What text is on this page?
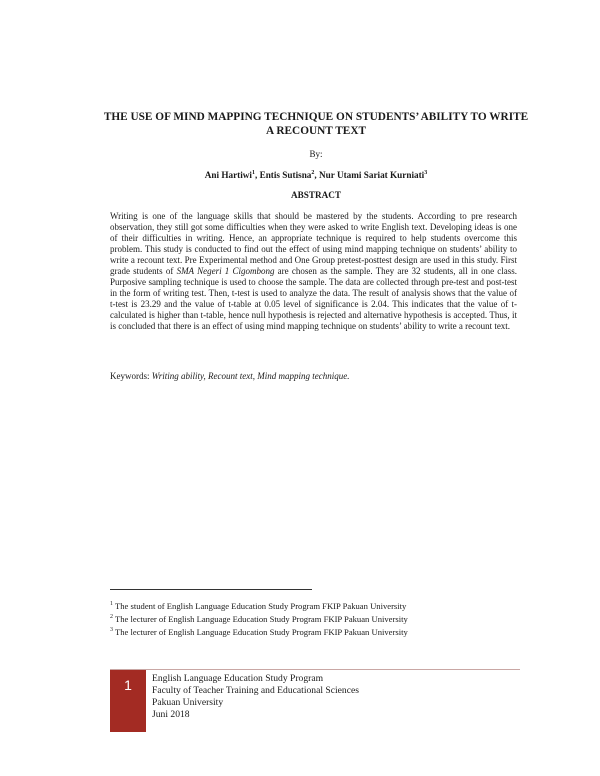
THE USE OF MIND MAPPING TECHNIQUE ON STUDENTS’ ABILITY TO WRITE A RECOUNT TEXT
By:
Ani Hartiwi$^1$, Entis Sutisna$^2$, Nur Utami Sariat Kurniati$^3$
ABSTRACT

Writing is one of the language skills that should be mastered by the students. According to pre research observation, they still got some difficulties when they were asked to write English text. Developing ideas is one of their difficulties in writing. Hence, an appropriate technique is required to help students overcome this problem. This study is conducted to find out the effect of using mind mapping technique on students’ ability to write a recount text. Pre Experimental method and One Group pretest-posttest design are used in this study. First grade students of SMA Negeri 1 Cigombong are chosen as the sample. They are 32 students, all in one class. Purposive sampling technique is used to choose the sample. The data are collected through pre-test and post-test in the form of writing test. Then, t-test is used to analyze the data. The result of analysis shows that the value of t-test is 23.29 and the value of t-table at 0.05 level of significance is 2.04. This indicates that the value of t-calculated is higher than t-table, hence null hypothesis is rejected and alternative hypothesis is accepted. Thus, it is concluded that there is an effect of using mind mapping technique on students’ ability to write a recount text.

Keywords: Writing ability, Recount text, Mind mapping technique.

$^1$ The student of English Language Education Study Program FKIP Pakuan University
$^2$ The lecturer of English Language Education Study Program FKIP Pakuan University
$^3$ The lecturer of English Language Education Study Program FKIP Pakuan University
1	English Language Education Study Program
Faculty of Teacher Training and Educational Sciences
Pakuan University
Juni 2018
